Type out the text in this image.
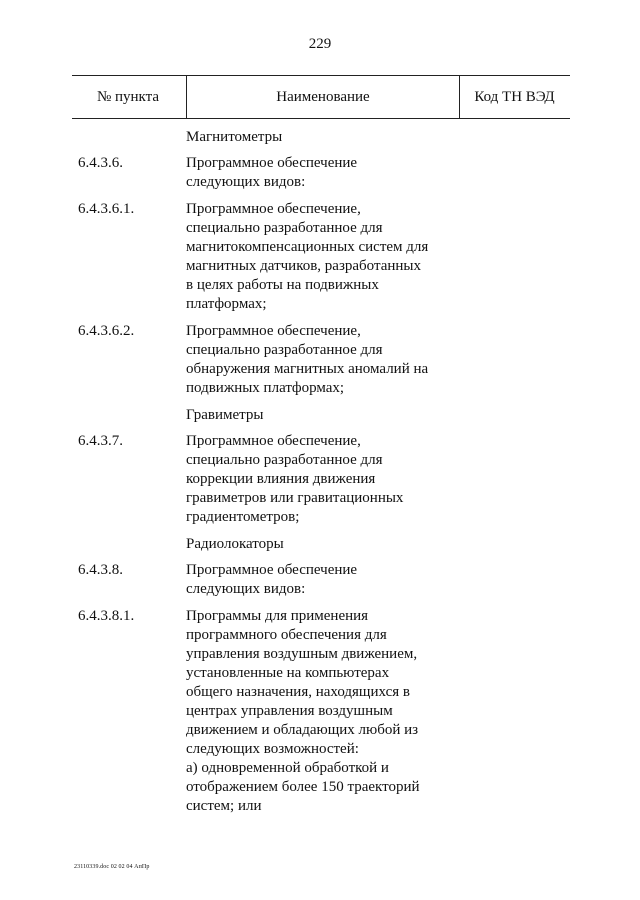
229
№ пункта	Наименование	Код ТН ВЭД
Магнитометры
6.4.3.6.	Программное обеспечение
следующих видов:
6.4.3.6.1.	Программное обеспечение,
специально разработанное для
магнитокомпенсационных систем для
магнитных датчиков, разработанных
в целях работы на подвижных
платформах;
6.4.3.6.2.	Программное обеспечение,
специально разработанное для
обнаружения магнитных аномалий на
подвижных платформах;
Гравиметры
6.4.3.7.	Программное обеспечение,
специально разработанное для
коррекции влияния движения
гравиметров или гравитационных
градиентометров;
Радиолокаторы
6.4.3.8.	Программное обеспечение
следующих видов:
6.4.3.8.1.	Программы для применения
программного обеспечения для
управления воздушным движением,
установленные на компьютерах
общего назначения, находящихся в
центрах управления воздушным
движением и обладающих любой из
следующих возможностей:
а) одновременной обработкой и
отображением более 150 траекторий
систем; или
23110339.doc 02 02 04 АпПр
